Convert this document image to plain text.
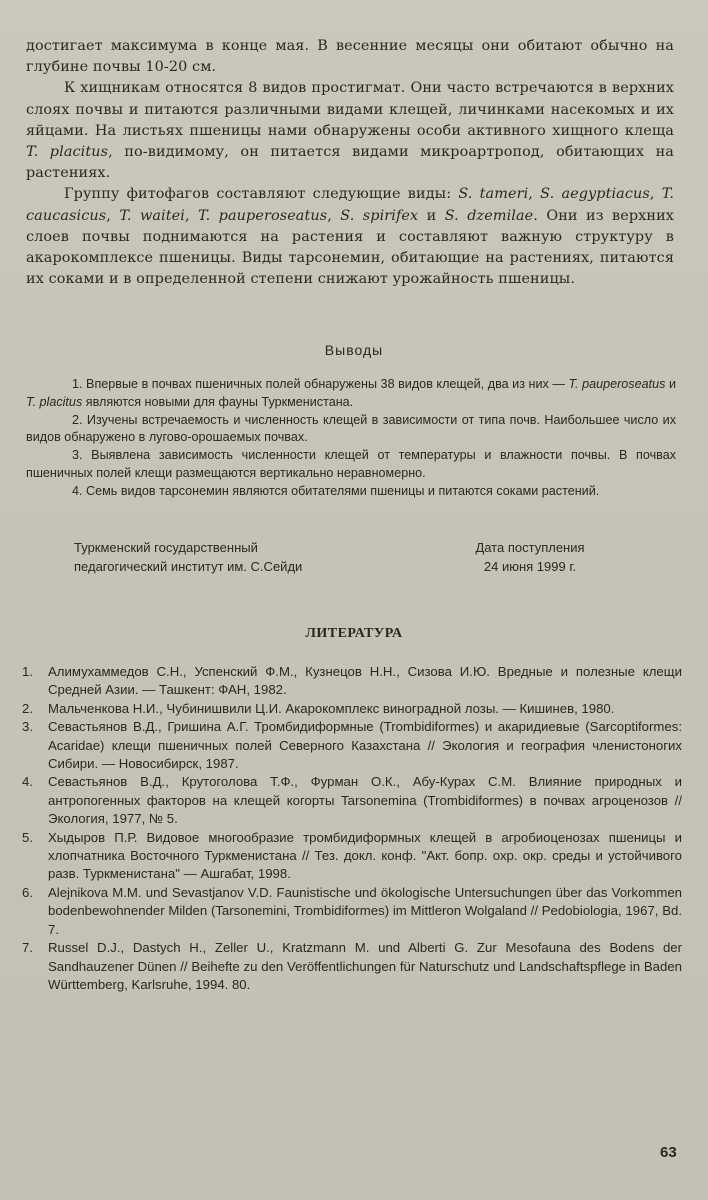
достигает максимума в конце мая. В весенние месяцы они обитают обычно на глубине почвы 10-20 см.

К хищникам относятся 8 видов простигмат. Они часто встречаются в верхних слоях почвы и питаются различными видами клещей, личинками насекомых и их яйцами. На листьях пшеницы нами обнаружены особи активного хищного клеща T. placitus, по-видимому, он питается видами микроартропод, обитающих на растениях.

Группу фитофагов составляют следующие виды: S. tameri, S. aegyptiacus, T. caucasicus, T. waitei, T. pauperoseatus, S. spirifex и S. dzemilae. Они из верхних слоев почвы поднимаются на растения и составляют важную структуру в акарокомплексе пшеницы. Виды тарсонемин, обитающие на растениях, питаются их соками и в определенной степени снижают урожайность пшеницы.

Выводы

1. Впервые в почвах пшеничных полей обнаружены 38 видов клещей, два из них — T. pauperoseatus и T. placitus являются новыми для фауны Туркменистана.

2. Изучены встречаемость и численность клещей в зависимости от типа почв. Наибольшее число их видов обнаружено в лугово-орошаемых почвах.

3. Выявлена зависимость численности клещей от температуры и влажности почвы. В почвах пшеничных полей клещи размещаются вертикально неравномерно.

4. Семь видов тарсонемин являются обитателями пшеницы и питаются соками растений.

Туркменский государственный
педагогический институт им. С.Сейди
Дата поступления
24 июня 1999 г.
ЛИТЕРАТУРА
1.	Алимухаммедов С.Н., Успенский Ф.М., Кузнецов Н.Н., Сизова И.Ю. Вредные и полезные клещи Средней Азии. — Ташкент: ФАН, 1982.
2.	Мальченкова Н.И., Чубинишвили Ц.И. Акарокомплекс виноградной лозы. — Кишинев, 1980.
3.	Севастьянов В.Д., Гришина А.Г. Тромбидиформные (Trombidiformes) и акаридиевые (Sarcoptiformes: Acaridae) клещи пшеничных полей Северного Казахстана // Экология и география членистоногих Сибири. — Новосибирск, 1987.
4.	Севастьянов В.Д., Крутоголова Т.Ф., Фурман О.К., Абу-Курах С.М. Влияние природных и антропогенных факторов на клещей когорты Tarsonemina (Trombidiformes) в почвах агроценозов // Экология, 1977, № 5.
5.	Хыдыров П.Р. Видовое многообразие тромбидиформных клещей в агробиоценозах пшеницы и хлопчатника Восточного Туркменистана // Тез. докл. конф. "Акт. бопр. охр. окр. среды и устойчивого разв. Туркменистана" — Ашгабат, 1998.
6.	Alejnikova M.M. und Sevastjanov V.D. Faunistische und ökologische Untersuchungen über das Vorkommen bodenbewohnender Milden (Tarsonemini, Trombidiformes) im Mittleron Wolgaland // Pedobiologia, 1967, Bd. 7.
7.	Russel D.J., Dastych H., Zeller U., Kratzmann M. und Alberti G. Zur Mesofauna des Bodens der Sandhauzener Dünen // Beihefte zu den Veröffentlichungen für Naturschutz und Landschaftspflege in Baden Württemberg, Karlsruhe, 1994. 80.
63
